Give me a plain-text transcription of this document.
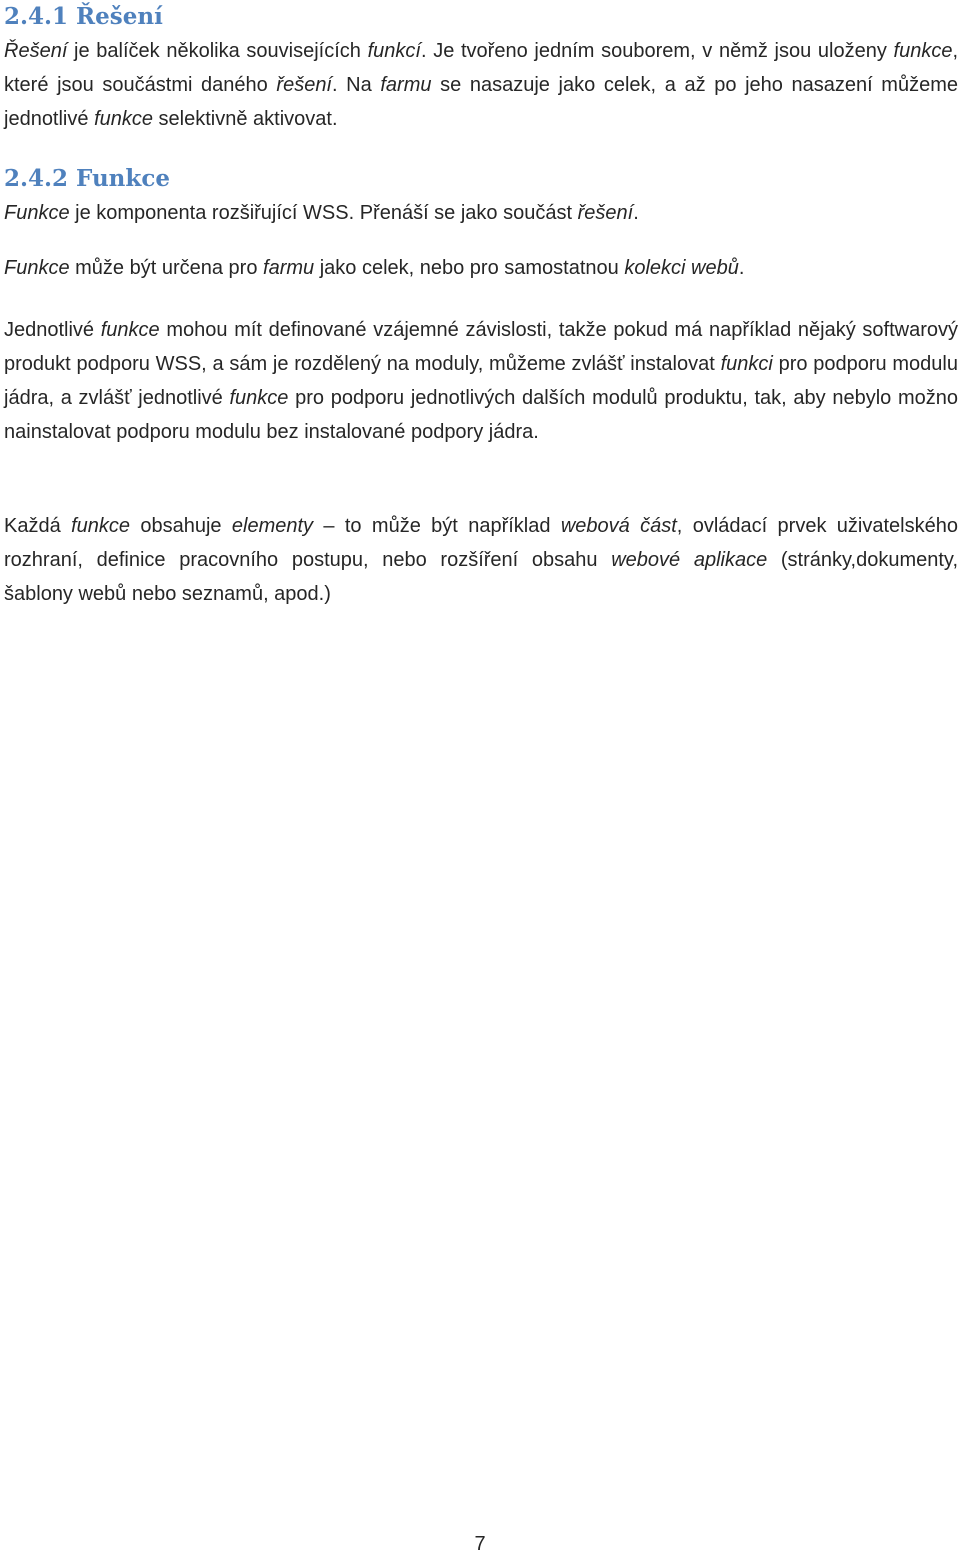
2.4.1 Řešení

Řešení je balíček několika souvisejících funkcí. Je tvořeno jedním souborem, v němž jsou uloženy funkce, které jsou součástmi daného řešení. Na farmu se nasazuje jako celek, a až po jeho nasazení můžeme jednotlivé funkce selektivně aktivovat.

2.4.2 Funkce

Funkce je komponenta rozšiřující WSS. Přenáší se jako součást řešení.

Funkce může být určena pro farmu jako celek, nebo pro samostatnou kolekci webů.

Jednotlivé funkce mohou mít definované vzájemné závislosti, takže pokud má například nějaký softwarový produkt podporu WSS, a sám je rozdělený na moduly, můžeme zvlášť instalovat funkci pro podporu modulu jádra, a zvlášť jednotlivé funkce pro podporu jednotlivých dalších modulů produktu, tak, aby nebylo možno nainstalovat podporu modulu bez instalované podpory jádra.

Každá funkce obsahuje elementy – to může být například webová část, ovládací prvek uživatelského rozhraní, definice pracovního postupu, nebo rozšíření obsahu webové aplikace (stránky,dokumenty, šablony webů nebo seznamů, apod.)

7
